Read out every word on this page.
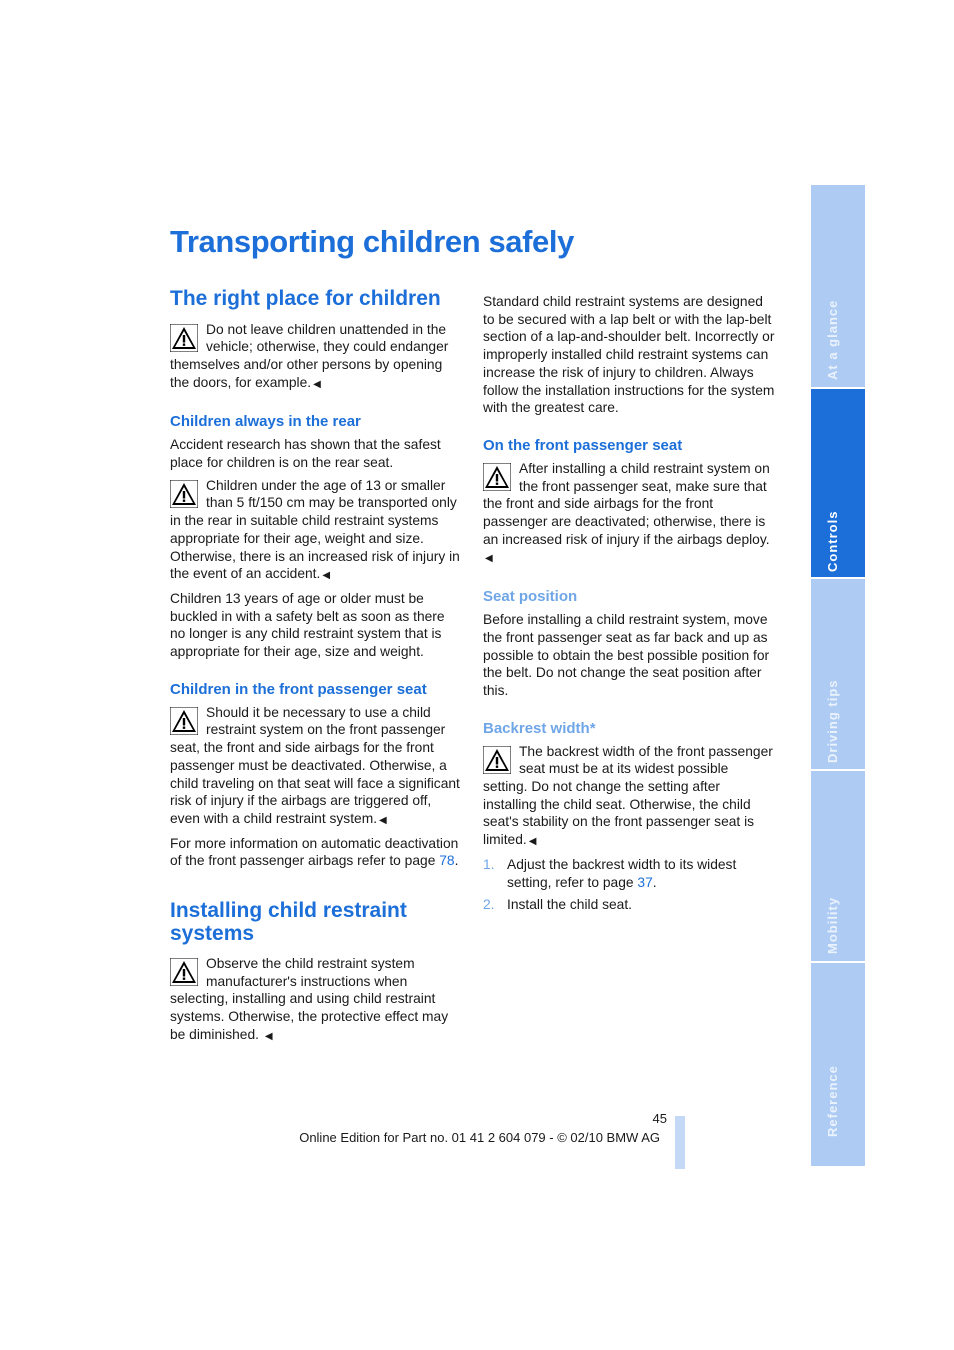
Transporting children safely
The right place for children

Do not leave children unattended in the vehicle; otherwise, they could endanger themselves and/or other persons by opening the doors, for example. ◀

Children always in the rear

Accident research has shown that the safest place for children is on the rear seat.

Children under the age of 13 or smaller than 5 ft/150 cm may be transported only in the rear in suitable child restraint systems appropriate for their age, weight and size. Otherwise, there is an increased risk of injury in the event of an accident. ◀

Children 13 years of age or older must be buckled in with a safety belt as soon as there no longer is any child restraint system that is appropriate for their age, size and weight.

Children in the front passenger seat

Should it be necessary to use a child restraint system on the front passenger seat, the front and side airbags for the front passenger must be deactivated. Otherwise, a child traveling on that seat will face a significant risk of injury if the airbags are triggered off, even with a child restraint system. ◀

For more information on automatic deactivation of the front passenger airbags refer to page 78.

Installing child restraint systems

Observe the child restraint system manufacturer's instructions when selecting, installing and using child restraint systems. Otherwise, the protective effect may be diminished. ◀

Standard child restraint systems are designed to be secured with a lap belt or with the lap-belt section of a lap-and-shoulder belt. Incorrectly or improperly installed child restraint systems can increase the risk of injury to children. Always follow the installation instructions for the system with the greatest care.

On the front passenger seat

After installing a child restraint system on the front passenger seat, make sure that the front and side airbags for the front passenger are deactivated; otherwise, there is an increased risk of injury if the airbags deploy.◀

Seat position

Before installing a child restraint system, move the front passenger seat as far back and up as possible to obtain the best possible position for the belt. Do not change the seat position after this.

Backrest width*

The backrest width of the front passenger seat must be at its widest possible setting. Do not change the setting after installing the child seat. Otherwise, the child seat's stability on the front passenger seat is limited. ◀

1. Adjust the backrest width to its widest setting, refer to page 37.
2. Install the child seat.
45
Online Edition for Part no. 01 41 2 604 079 - © 02/10 BMW AG
At a glance
Controls
Driving tips
Mobility
Reference
